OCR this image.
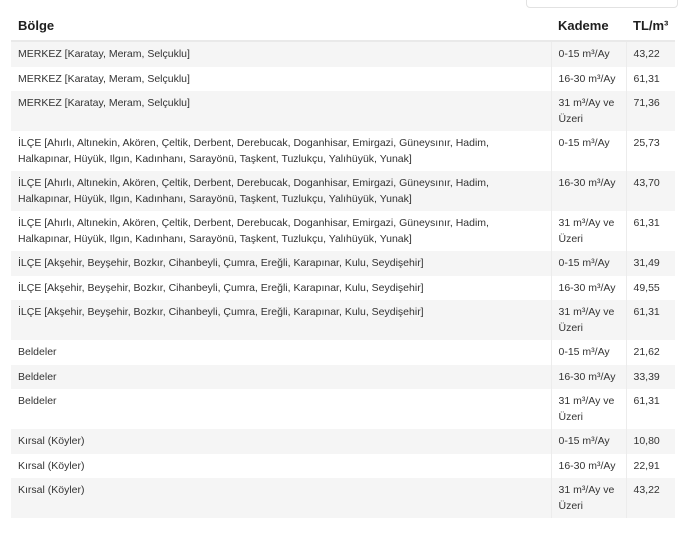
Bölge	Kademe	TL/m³
MERKEZ [Karatay, Meram, Selçuklu]	0-15 m³/Ay	43,22
MERKEZ [Karatay, Meram, Selçuklu]	16-30 m³/Ay	61,31
MERKEZ [Karatay, Meram, Selçuklu]	31 m³/Ay ve Üzeri	71,36
İLÇE [Ahırlı, Altınekin, Akören, Çeltik, Derbent, Derebucak, Doganhisar, Emirgazi, Güneysınır, Hadim, Halkapınar, Hüyük, Ilgın, Kadınhanı, Sarayönü, Taşkent, Tuzlukçu, Yalıhüyük, Yunak]	0-15 m³/Ay	25,73
İLÇE [Ahırlı, Altınekin, Akören, Çeltik, Derbent, Derebucak, Doganhisar, Emirgazi, Güneysınır, Hadim, Halkapınar, Hüyük, Ilgın, Kadınhanı, Sarayönü, Taşkent, Tuzlukçu, Yalıhüyük, Yunak]	16-30 m³/Ay	43,70
İLÇE [Ahırlı, Altınekin, Akören, Çeltik, Derbent, Derebucak, Doganhisar, Emirgazi, Güneysınır, Hadim, Halkapınar, Hüyük, Ilgın, Kadınhanı, Sarayönü, Taşkent, Tuzlukçu, Yalıhüyük, Yunak]	31 m³/Ay ve Üzeri	61,31
İLÇE [Akşehir, Beyşehir, Bozkır, Cihanbeyli, Çumra, Ereğli, Karapınar, Kulu, Seydişehir]	0-15 m³/Ay	31,49
İLÇE [Akşehir, Beyşehir, Bozkır, Cihanbeyli, Çumra, Ereğli, Karapınar, Kulu, Seydişehir]	16-30 m³/Ay	49,55
İLÇE [Akşehir, Beyşehir, Bozkır, Cihanbeyli, Çumra, Ereğli, Karapınar, Kulu, Seydişehir]	31 m³/Ay ve Üzeri	61,31
Beldeler	0-15 m³/Ay	21,62
Beldeler	16-30 m³/Ay	33,39
Beldeler	31 m³/Ay ve Üzeri	61,31
Kırsal (Köyler)	0-15 m³/Ay	10,80
Kırsal (Köyler)	16-30 m³/Ay	22,91
Kırsal (Köyler)	31 m³/Ay ve Üzeri	43,22
